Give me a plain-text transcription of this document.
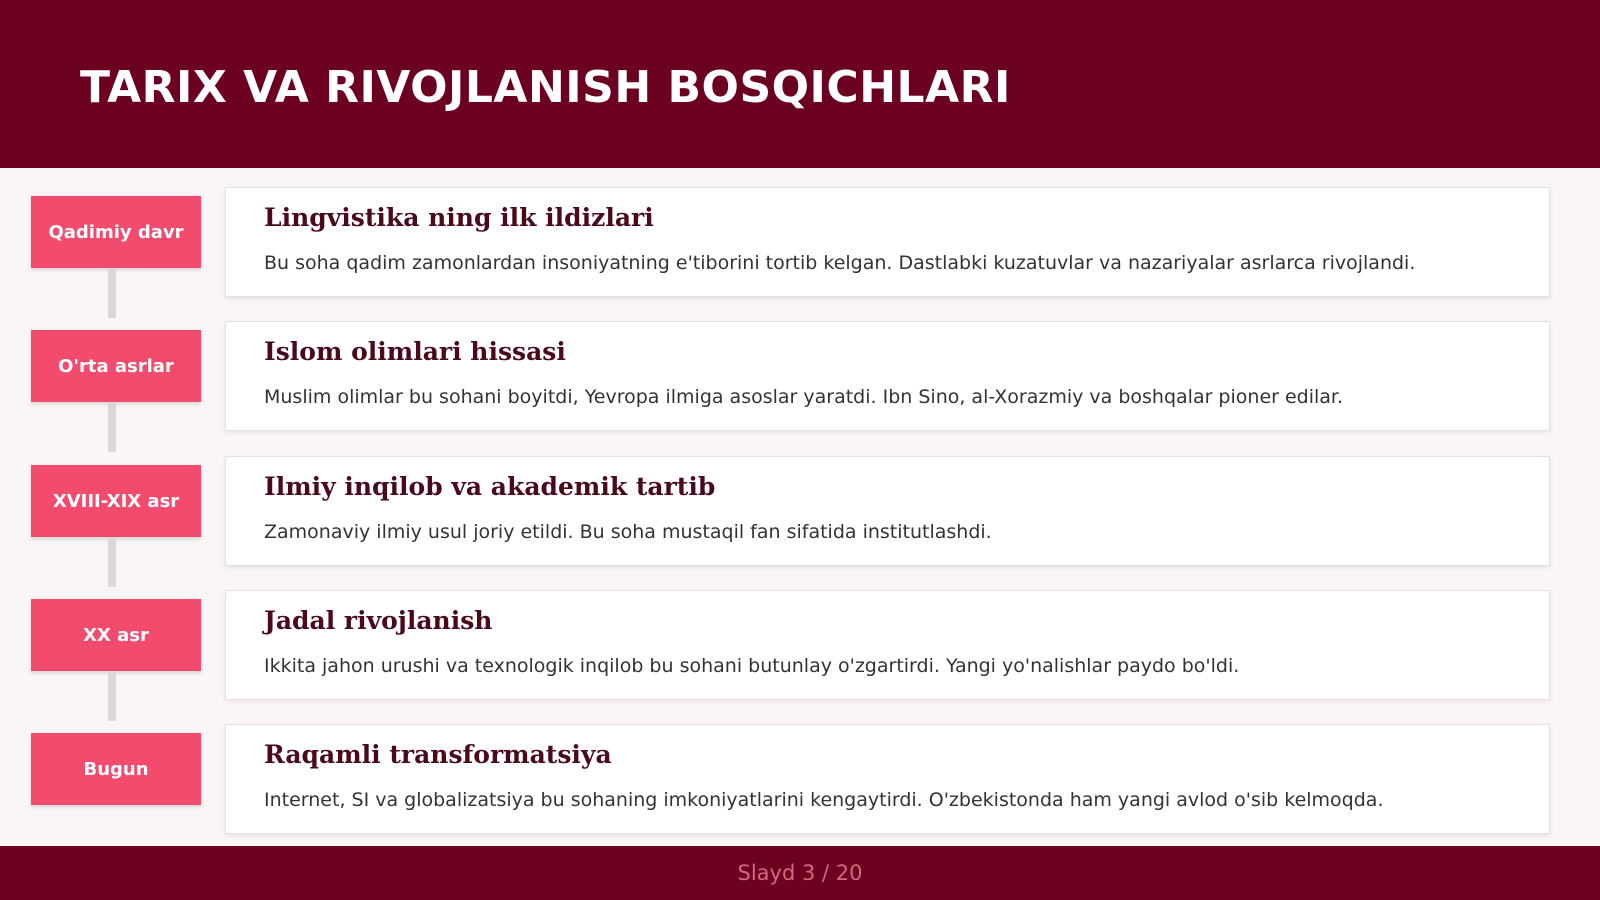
TARIX VA RIVOJLANISH BOSQICHLARI
Qadimiy davr	Lingvistika ning ilk ildizlari

Bu soha qadim zamonlardan insoniyatning e'tiborini tortib kelgan. Dastlabki kuzatuvlar va nazariyalar asrlarca rivojlandi.

O'rta asrlar	Islom olimlari hissasi

Muslim olimlar bu sohani boyitdi, Yevropa ilmiga asoslar yaratdi. Ibn Sino, al-Xorazmiy va boshqalar pioner edilar.

XVIII-XIX asr	Ilmiy inqilob va akademik tartib

Zamonaviy ilmiy usul joriy etildi. Bu soha mustaqil fan sifatida institutlashdi.

XX asr	Jadal rivojlanish

Ikkita jahon urushi va texnologik inqilob bu sohani butunlay o'zgartirdi. Yangi yo'nalishlar paydo bo'ldi.

Bugun	Raqamli transformatsiya

Internet, SI va globalizatsiya bu sohaning imkoniyatlarini kengaytirdi. O'zbekistonda ham yangi avlod o'sib kelmoqda.

Slayd 3 / 20
